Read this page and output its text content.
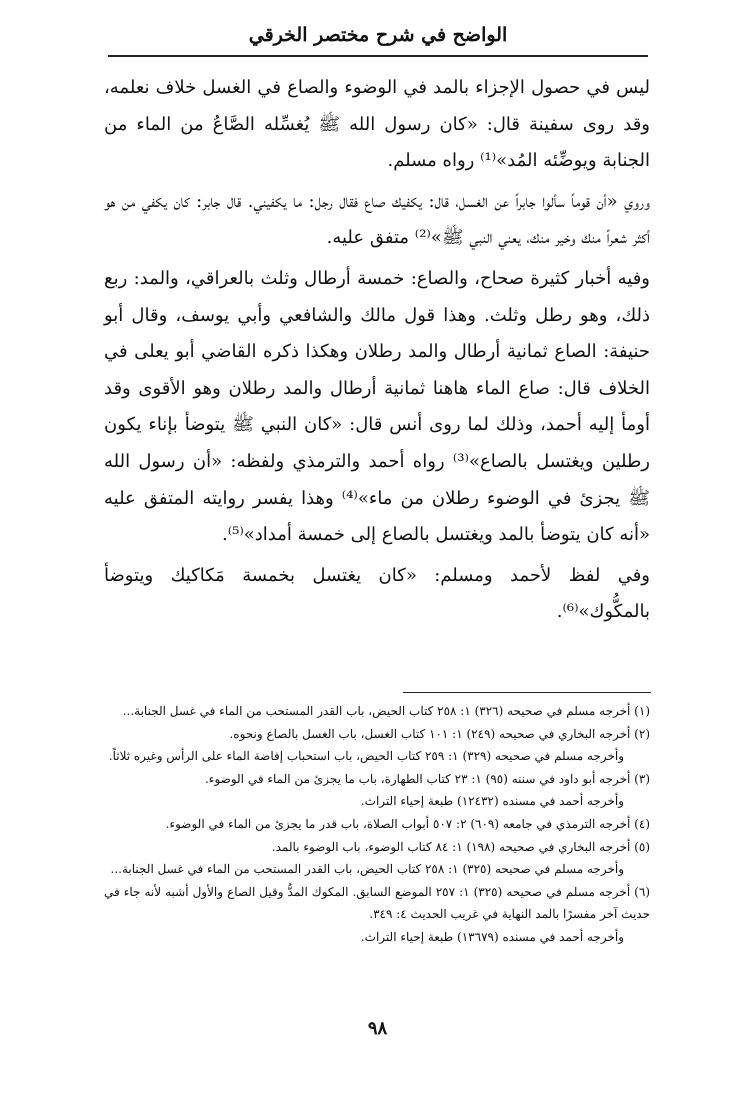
الواضح في شرح مختصر الخرقي

ليس في حصول الإجزاء بالمد في الوضوء والصاع في الغسل خلاف نعلمه، وقد روى سفينة قال: «كان رسول الله ﷺ يُغسِّله الصَّاعُ من الماء من الجنابة ويوضِّئه المُد»⁽¹⁾ رواه مسلم.

وروي «أن قوماً سألوا جابراً عن الغسل، قال: يكفيك صاع فقال رجل: ما يكفيني. قال جابر: كان يكفي من هو أكثر شعراً منك وخير منك، يعني النبي ﷺ»⁽²⁾ متفق عليه.

وفيه أخبار كثيرة صحاح، والصاع: خمسة أرطال وثلث بالعراقي، والمد: ربع ذلك، وهو رطل وثلث. وهذا قول مالك والشافعي وأبي يوسف، وقال أبو حنيفة: الصاع ثمانية أرطال والمد رطلان وهكذا ذكره القاضي أبو يعلى في الخلاف قال: صاع الماء هاهنا ثمانية أرطال والمد رطلان وهو الأقوى وقد أومأ إليه أحمد، وذلك لما روى أنس قال: «كان النبي ﷺ يتوضأ بإناء يكون رطلين ويغتسل بالصاع»⁽³⁾ رواه أحمد والترمذي ولفظه: «أن رسول الله ﷺ يجزئ في الوضوء رطلان من ماء»⁽⁴⁾ وهذا يفسر روايته المتفق عليه «أنه كان يتوضأ بالمد ويغتسل بالصاع إلى خمسة أمداد»⁽⁵⁾.

وفي لفظ لأحمد ومسلم: «كان يغتسل بخمسة مَكاكيك ويتوضأ بالمكُّوك»⁽⁶⁾.

(١) أخرجه مسلم في صحيحه (٣٢٦) ١: ٢٥٨ كتاب الحيض، باب القدر المستحب من الماء في غسل الجنابة...

(٢) أخرجه البخاري في صحيحه (٢٤٩) ١: ١٠١ كتاب الغسل، باب الغسل بالصاع ونحوه.

وأخرجه مسلم في صحيحه (٣٢٩) ١: ٢٥٩ كتاب الحيض، باب استحباب إفاضة الماء على الرأس وغيره ثلاثاً.

(٣) أخرجه أبو داود في سننه (٩٥) ١: ٢٣ كتاب الطهارة، باب ما يجزئ من الماء في الوضوء.

وأخرجه أحمد في مسنده (١٢٤٣٢) طبعة إحياء التراث.

(٤) أخرجه الترمذي في جامعه (٦٠٩) ٢: ٥٠٧ أبواب الصلاة، باب قدر ما يجزئ من الماء في الوضوء.

(٥) أخرجه البخاري في صحيحه (١٩٨) ١: ٨٤ كتاب الوضوء، باب الوضوء بالمد.

وأخرجه مسلم في صحيحه (٣٢٥) ١: ٢٥٨ كتاب الحيض، باب القدر المستحب من الماء في غسل الجنابة...

(٦) أخرجه مسلم في صحيحه (٣٢٥) ١: ٢٥٧ الموضع السابق. المكوك المدُّ وقيل الصاع والأول أشبه لأنه جاء في حديث آخر مفسرًا بالمد النهاية في غريب الحديث ٤: ٣٤٩.

وأخرجه أحمد في مسنده (١٣٦٧٩) طبعة إحياء التراث.

٩٨
